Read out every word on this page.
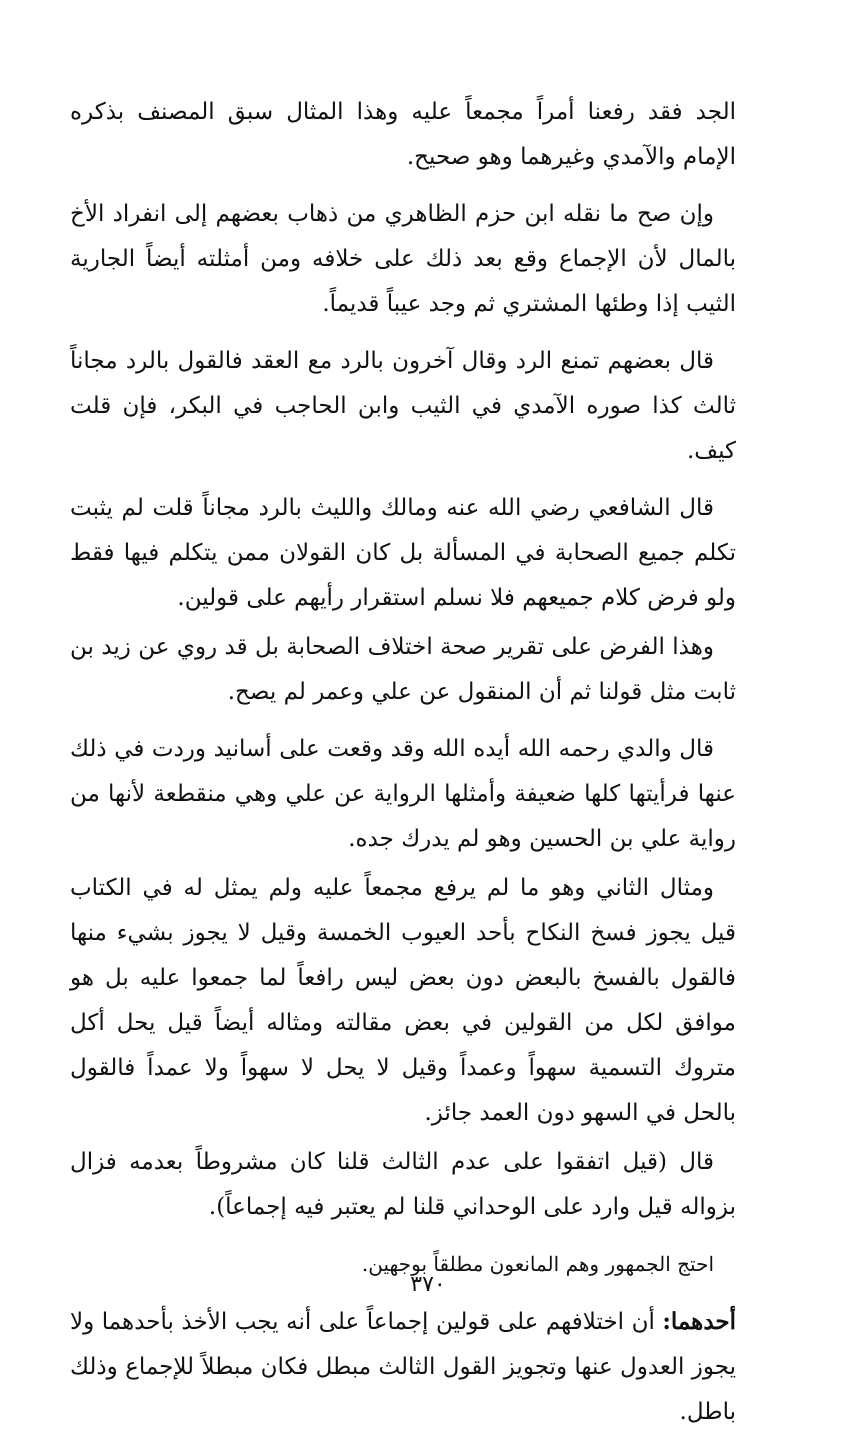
الجد فقد رفعنا أمراً مجمعاً عليه وهذا المثال سبق المصنف بذكره الإمام والآمدي وغيرهما وهو صحيح.

وإن صح ما نقله ابن حزم الظاهري من ذهاب بعضهم إلى انفراد الأخ بالمال لأن الإجماع وقع بعد ذلك على خلافه ومن أمثلته أيضاً الجارية الثيب إذا وطئها المشتري ثم وجد عيباً قديماً.

قال بعضهم تمنع الرد وقال آخرون بالرد مع العقد فالقول بالرد مجاناً ثالث كذا صوره الآمدي في الثيب وابن الحاجب في البكر، فإن قلت كيف.

قال الشافعي رضي الله عنه ومالك والليث بالرد مجاناً قلت لم يثبت تكلم جميع الصحابة في المسألة بل كان القولان ممن يتكلم فيها فقط ولو فرض كلام جميعهم فلا نسلم استقرار رأيهم على قولين.

وهذا الفرض على تقرير صحة اختلاف الصحابة بل قد روي عن زيد بن ثابت مثل قولنا ثم أن المنقول عن علي وعمر لم يصح.

قال والدي رحمه الله أيده الله وقد وقعت على أسانيد وردت في ذلك عنها فرأيتها كلها ضعيفة وأمثلها الرواية عن علي وهي منقطعة لأنها من رواية علي بن الحسين وهو لم يدرك جده.

ومثال الثاني وهو ما لم يرفع مجمعاً عليه ولم يمثل له في الكتاب قيل يجوز فسخ النكاح بأحد العيوب الخمسة وقيل لا يجوز بشيء منها فالقول بالفسخ بالبعض دون بعض ليس رافعاً لما جمعوا عليه بل هو موافق لكل من القولين في بعض مقالته ومثاله أيضاً قيل يحل أكل متروك التسمية سهواً وعمداً وقيل لا يحل لا سهواً ولا عمداً فالقول بالحل في السهو دون العمد جائز.

قال (قيل اتفقوا على عدم الثالث قلنا كان مشروطاً بعدمه فزال بزواله قيل وارد على الوحداني قلنا لم يعتبر فيه إجماعاً).

احتج الجمهور وهم المانعون مطلقاً بوجهين.

أحدهما: أن اختلافهم على قولين إجماعاً على أنه يجب الأخذ بأحدهما ولا يجوز العدول عنها وتجويز القول الثالث مبطل فكان مبطلاً للإجماع وذلك باطل.

٣٧٠
